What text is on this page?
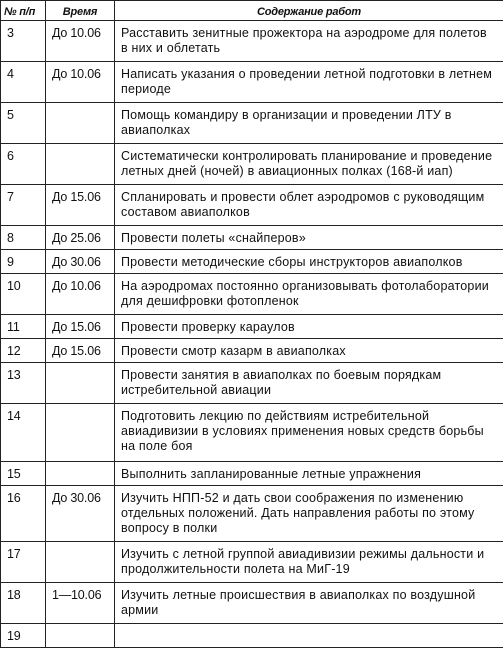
№ п/п	Время	Содержание работ
3	До 10.06	Расставить зенитные прожектора на аэродроме для полетов в них и облетать
4	До 10.06	Написать указания о проведении летной подготовки в летнем периоде
5		Помощь командиру в организации и проведении ЛТУ в авиаполках
6		Систематически контролировать планирование и проведение летных дней (ночей) в авиационных полках (168-й иап)
7	До 15.06	Спланировать и провести облет аэродромов с руководящим составом авиаполков
8	До 25.06	Провести полеты «снайперов»
9	До 30.06	Провести методические сборы инструкторов авиаполков
10	До 10.06	На аэродромах постоянно организовывать фотолаборатории для дешифровки фотопленок
11	До 15.06	Провести проверку караулов
12	До 15.06	Провести смотр казарм в авиаполках
13		Провести занятия в авиаполках по боевым порядкам истребительной авиации
14		Подготовить лекцию по действиям истребительной авиадивизии в условиях применения новых средств борьбы на поле боя
15		Выполнить запланированные летные упражнения
16	До 30.06	Изучить НПП-52 и дать свои соображения по изменению отдельных положений. Дать направления работы по этому вопросу в полки
17		Изучить с летной группой авиадивизии режимы дальности и продолжительности полета на МиГ-19
18	1—10.06	Изучить летные происшествия в авиаполках по воздушной армии
19		
